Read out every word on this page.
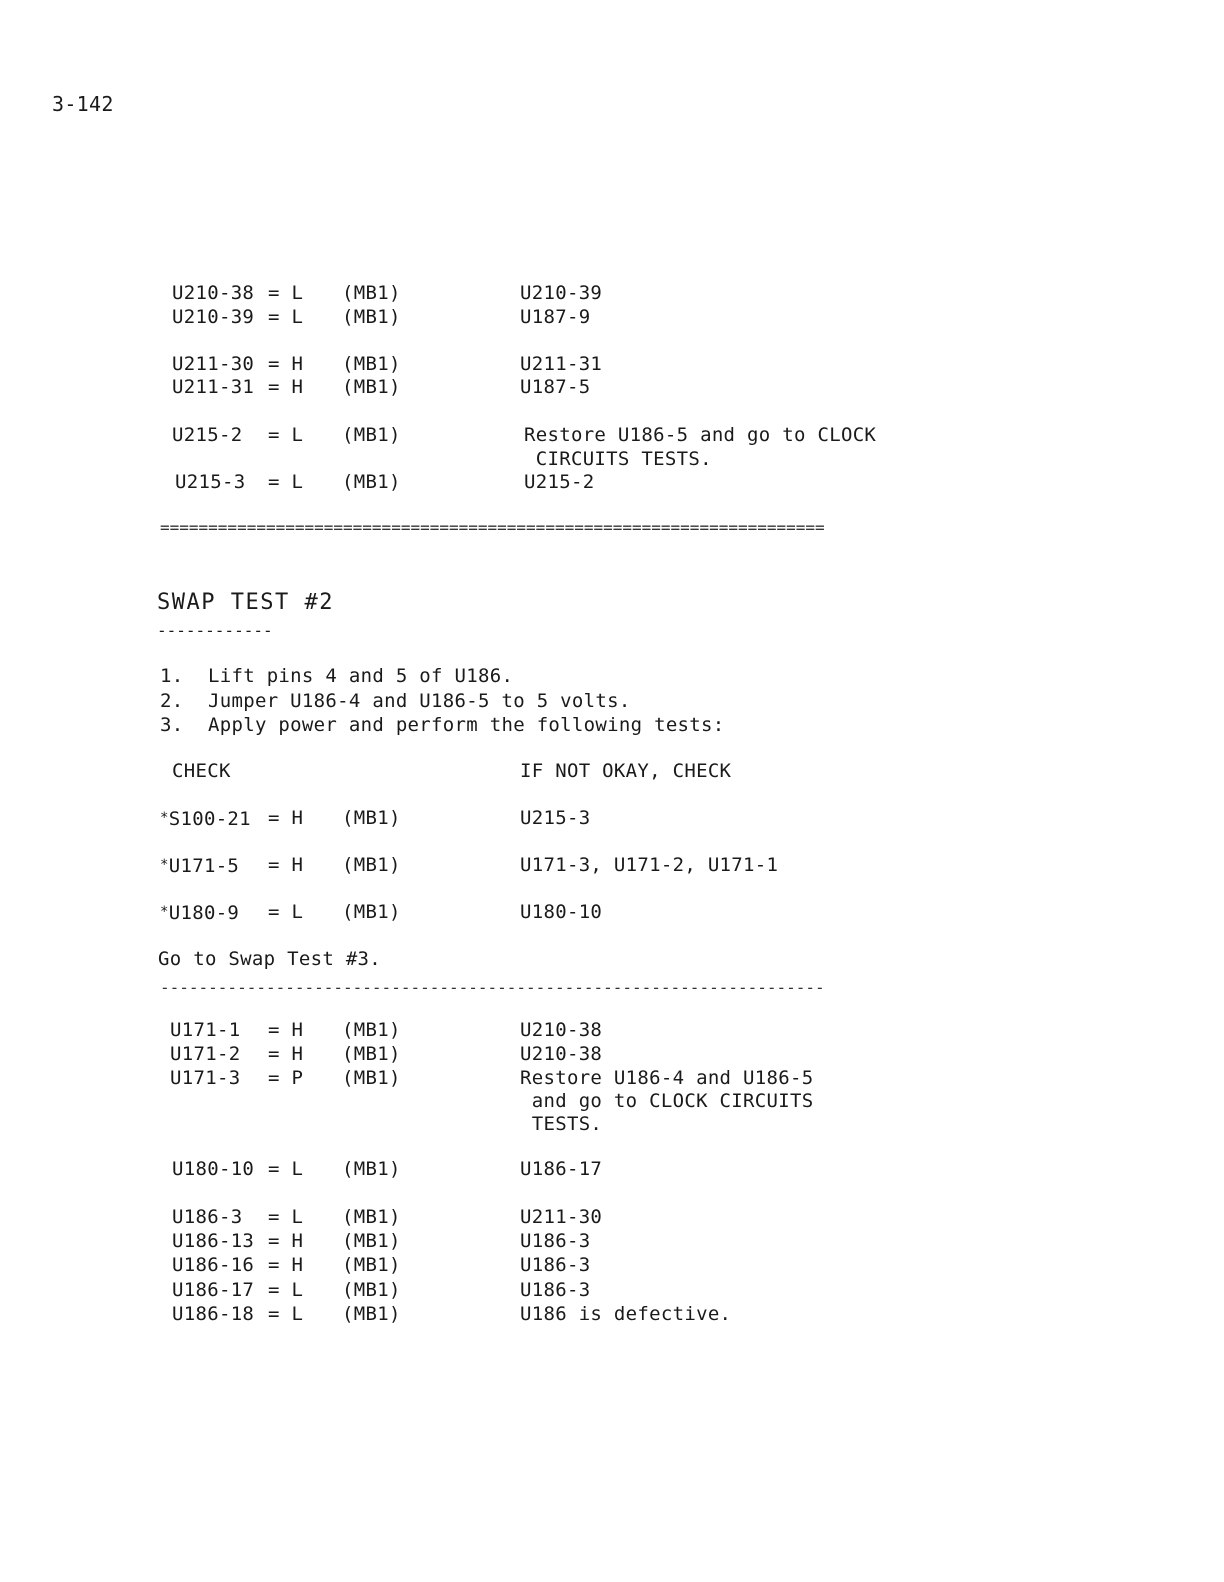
3-142
U210-38 = L (MB1)	U210-39
U210-39 = L (MB1)	U187-9
U211-30 = H (MB1)	U211-31
U211-31 = H (MB1)	U187-5
U215-2 = L (MB1)	Restore U186-5 and go to CLOCK
CIRCUITS TESTS.
U215-3 = L (MB1)	U215-2
=====================================================================
SWAP TEST #2
------------
1. Lift pins 4 and 5 of U186.
2. Jumper U186-4 and U186-5 to 5 volts.
3. Apply power and perform the following tests:
CHECK	IF NOT OKAY, CHECK
*S100-21 = H (MB1)	U215-3
*U171-5 = H (MB1)	U171-3, U171-2, U171-1
*U180-9 = L (MB1)	U180-10
Go to Swap Test #3.
---------------------------------------------------------------------
U171-1 = H (MB1)	U210-38
U171-2 = H (MB1)	U210-38
U171-3 = P (MB1)	Restore U186-4 and U186-5
and go to CLOCK CIRCUITS
TESTS.
U180-10 = L (MB1)	U186-17
U186-3 = L (MB1)	U211-30
U186-13 = H (MB1)	U186-3
U186-16 = H (MB1)	U186-3
U186-17 = L (MB1)	U186-3
U186-18 = L (MB1)	U186 is defective.
